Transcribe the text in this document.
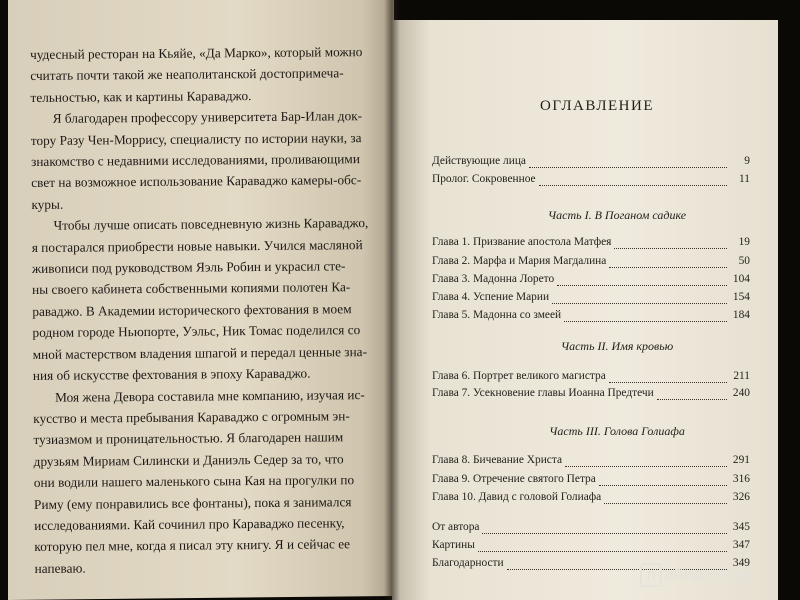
чудесный ресторан на Кьяйе, «Да Марко», который можно
считать почти такой же неаполитанской достопримеча-
тельностью, как и картины Караваджо.

Я благодарен профессору университета Бар-Илан док-
тору Разу Чен-Моррису, специалисту по истории науки, за
знакомство с недавними исследованиями, проливающими
свет на возможное использование Караваджо камеры-обс-
куры.

Чтобы лучше описать повседневную жизнь Караваджо,
я постарался приобрести новые навыки. Учился масляной
живописи под руководством Яэль Робин и украсил сте-
ны своего кабинета собственными копиями полотен Ка-
раваджо. В Академии исторического фехтования в моем
родном городе Ньюпорте, Уэльс, Ник Томас поделился со
мной мастерством владения шпагой и передал ценные зна-
ния об искусстве фехтования в эпоху Караваджо.

Моя жена Девора составила мне компанию, изучая ис-
кусство и места пребывания Караваджо с огромным эн-
тузиазмом и проницательностью. Я благодарен нашим
друзьям Мириам Силински и Даниэль Седер за то, что
они водили нашего маленького сына Кая на прогулки по
Риму (ему понравились все фонтаны), пока я занимался
исследованиями. Кай сочинил про Караваджо песенку,
которую пел мне, когда я писал эту книгу. Я и сейчас ее
напеваю.

ОГЛАВЛЕНИЕ
Действующие лица	9
Пролог. Сокровенное	11
Часть I. В Поганом садике
Глава 1. Призвание апостола Матфея	19
Глава 2. Марфа и Мария Магдалина	50
Глава 3. Мадонна Лорето	104
Глава 4. Успение Марии	154
Глава 5. Мадонна со змеей	184
Часть II. Имя кровью
Глава 6. Портрет великого магистра	211
Глава 7. Усекновение главы Иоанна Предтечи	240
Часть III. Голова Голиафа
Глава 8. Бичевание Христа	291
Глава 9. Отречение святого Петра	316
Глава 10. Давид с головой Голиафа	326
От автора	345
Картины	347
Благодарности	349
Л абиринт.ру
